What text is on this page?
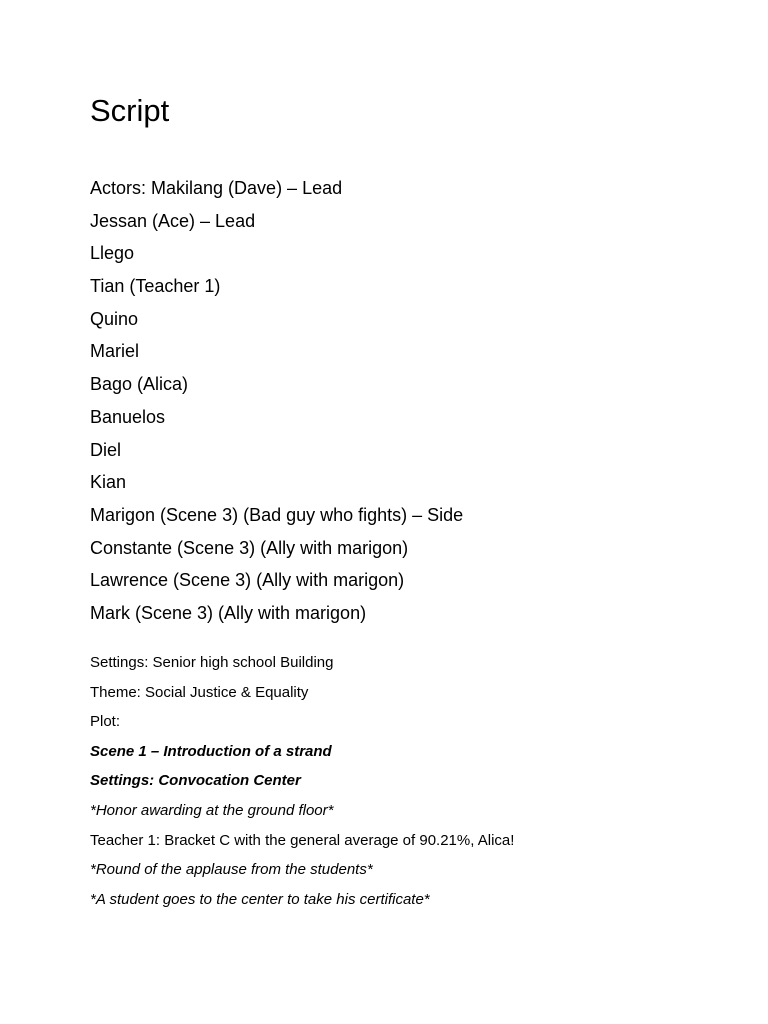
Script
Actors: Makilang (Dave) – Lead
Jessan (Ace) – Lead
Llego
Tian (Teacher 1)
Quino
Mariel
Bago (Alica)
Banuelos
Diel
Kian
Marigon (Scene 3) (Bad guy who fights) – Side
Constante (Scene 3) (Ally with marigon)
Lawrence (Scene 3) (Ally with marigon)
Mark (Scene 3) (Ally with marigon)
Settings: Senior high school Building
Theme: Social Justice & Equality
Plot:
Scene 1 – Introduction of a strand
Settings: Convocation Center
*Honor awarding at the ground floor*
Teacher 1: Bracket C with the general average of 90.21%, Alica!
*Round of the applause from the students*
*A student goes to the center to take his certificate*
